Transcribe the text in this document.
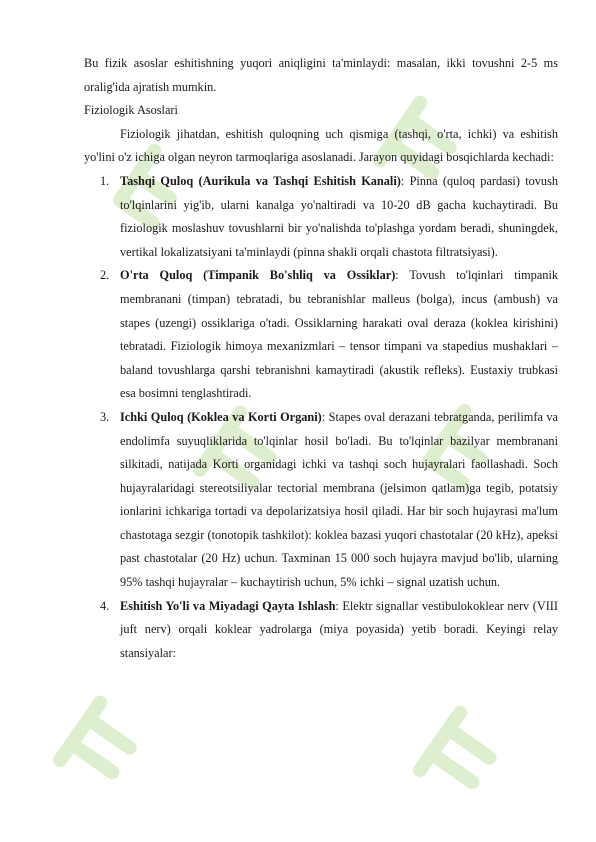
Bu fizik asoslar eshitishning yuqori aniqligini ta'minlaydi: masalan, ikki tovushni 2-5 ms oralig'ida ajratish mumkin.

Fiziologik Asoslari

Fiziologik jihatdan, eshitish quloqning uch qismiga (tashqi, o'rta, ichki) va eshitish yo'lini o'z ichiga olgan neyron tarmoqlariga asoslanadi. Jarayon quyidagi bosqichlarda kechadi:

1. Tashqi Quloq (Aurikula va Tashqi Eshitish Kanali): Pinna (quloq pardasi) tovush to'lqinlarini yig'ib, ularni kanalga yo'naltiradi va 10-20 dB gacha kuchaytiradi. Bu fiziologik moslashuv tovushlarni bir yo'nalishda to'plashga yordam beradi, shuningdek, vertikal lokalizatsiyani ta'minlaydi (pinna shakli orqali chastota filtratsiyasi).
2. O'rta Quloq (Timpanik Bo'shliq va Ossiklar): Tovush to'lqinlari timpanik membranani (timpan) tebratadi, bu tebranishlar malleus (bolga), incus (ambush) va stapes (uzengi) ossiklariga o'tadi. Ossiklarning harakati oval deraza (koklea kirishini) tebratadi. Fiziologik himoya mexanizmlari – tensor timpani va stapedius mushaklari – baland tovushlarga qarshi tebranishni kamaytiradi (akustik refleks). Eustaxiy trubkasi esa bosimni tenglashtiradi.
3. Ichki Quloq (Koklea va Korti Organi): Stapes oval derazani tebratganda, perilimfa va endolimfa suyuqliklarida to'lqinlar hosil bo'ladi. Bu to'lqinlar bazilyar membranani silkitadi, natijada Korti organidagi ichki va tashqi soch hujayralari faollashadi. Soch hujayralaridagi stereotsiliyalar tectorial membrana (jelsimon qatlam)ga tegib, potatsiy ionlarini ichkariga tortadi va depolarizatsiya hosil qiladi. Har bir soch hujayrasi ma'lum chastotaga sezgir (tonotopik tashkilot): koklea bazasi yuqori chastotalar (20 kHz), apeksi past chastotalar (20 Hz) uchun. Taxminan 15 000 soch hujayra mavjud bo'lib, ularning 95% tashqi hujayralar – kuchaytirish uchun, 5% ichki – signal uzatish uchun.
4. Eshitish Yo'li va Miyadagi Qayta Ishlash: Elektr signallar vestibulokoklear nerv (VIII juft nerv) orqali koklear yadrolarga (miya poyasida) yetib boradi. Keyingi relay stansiyalar:
